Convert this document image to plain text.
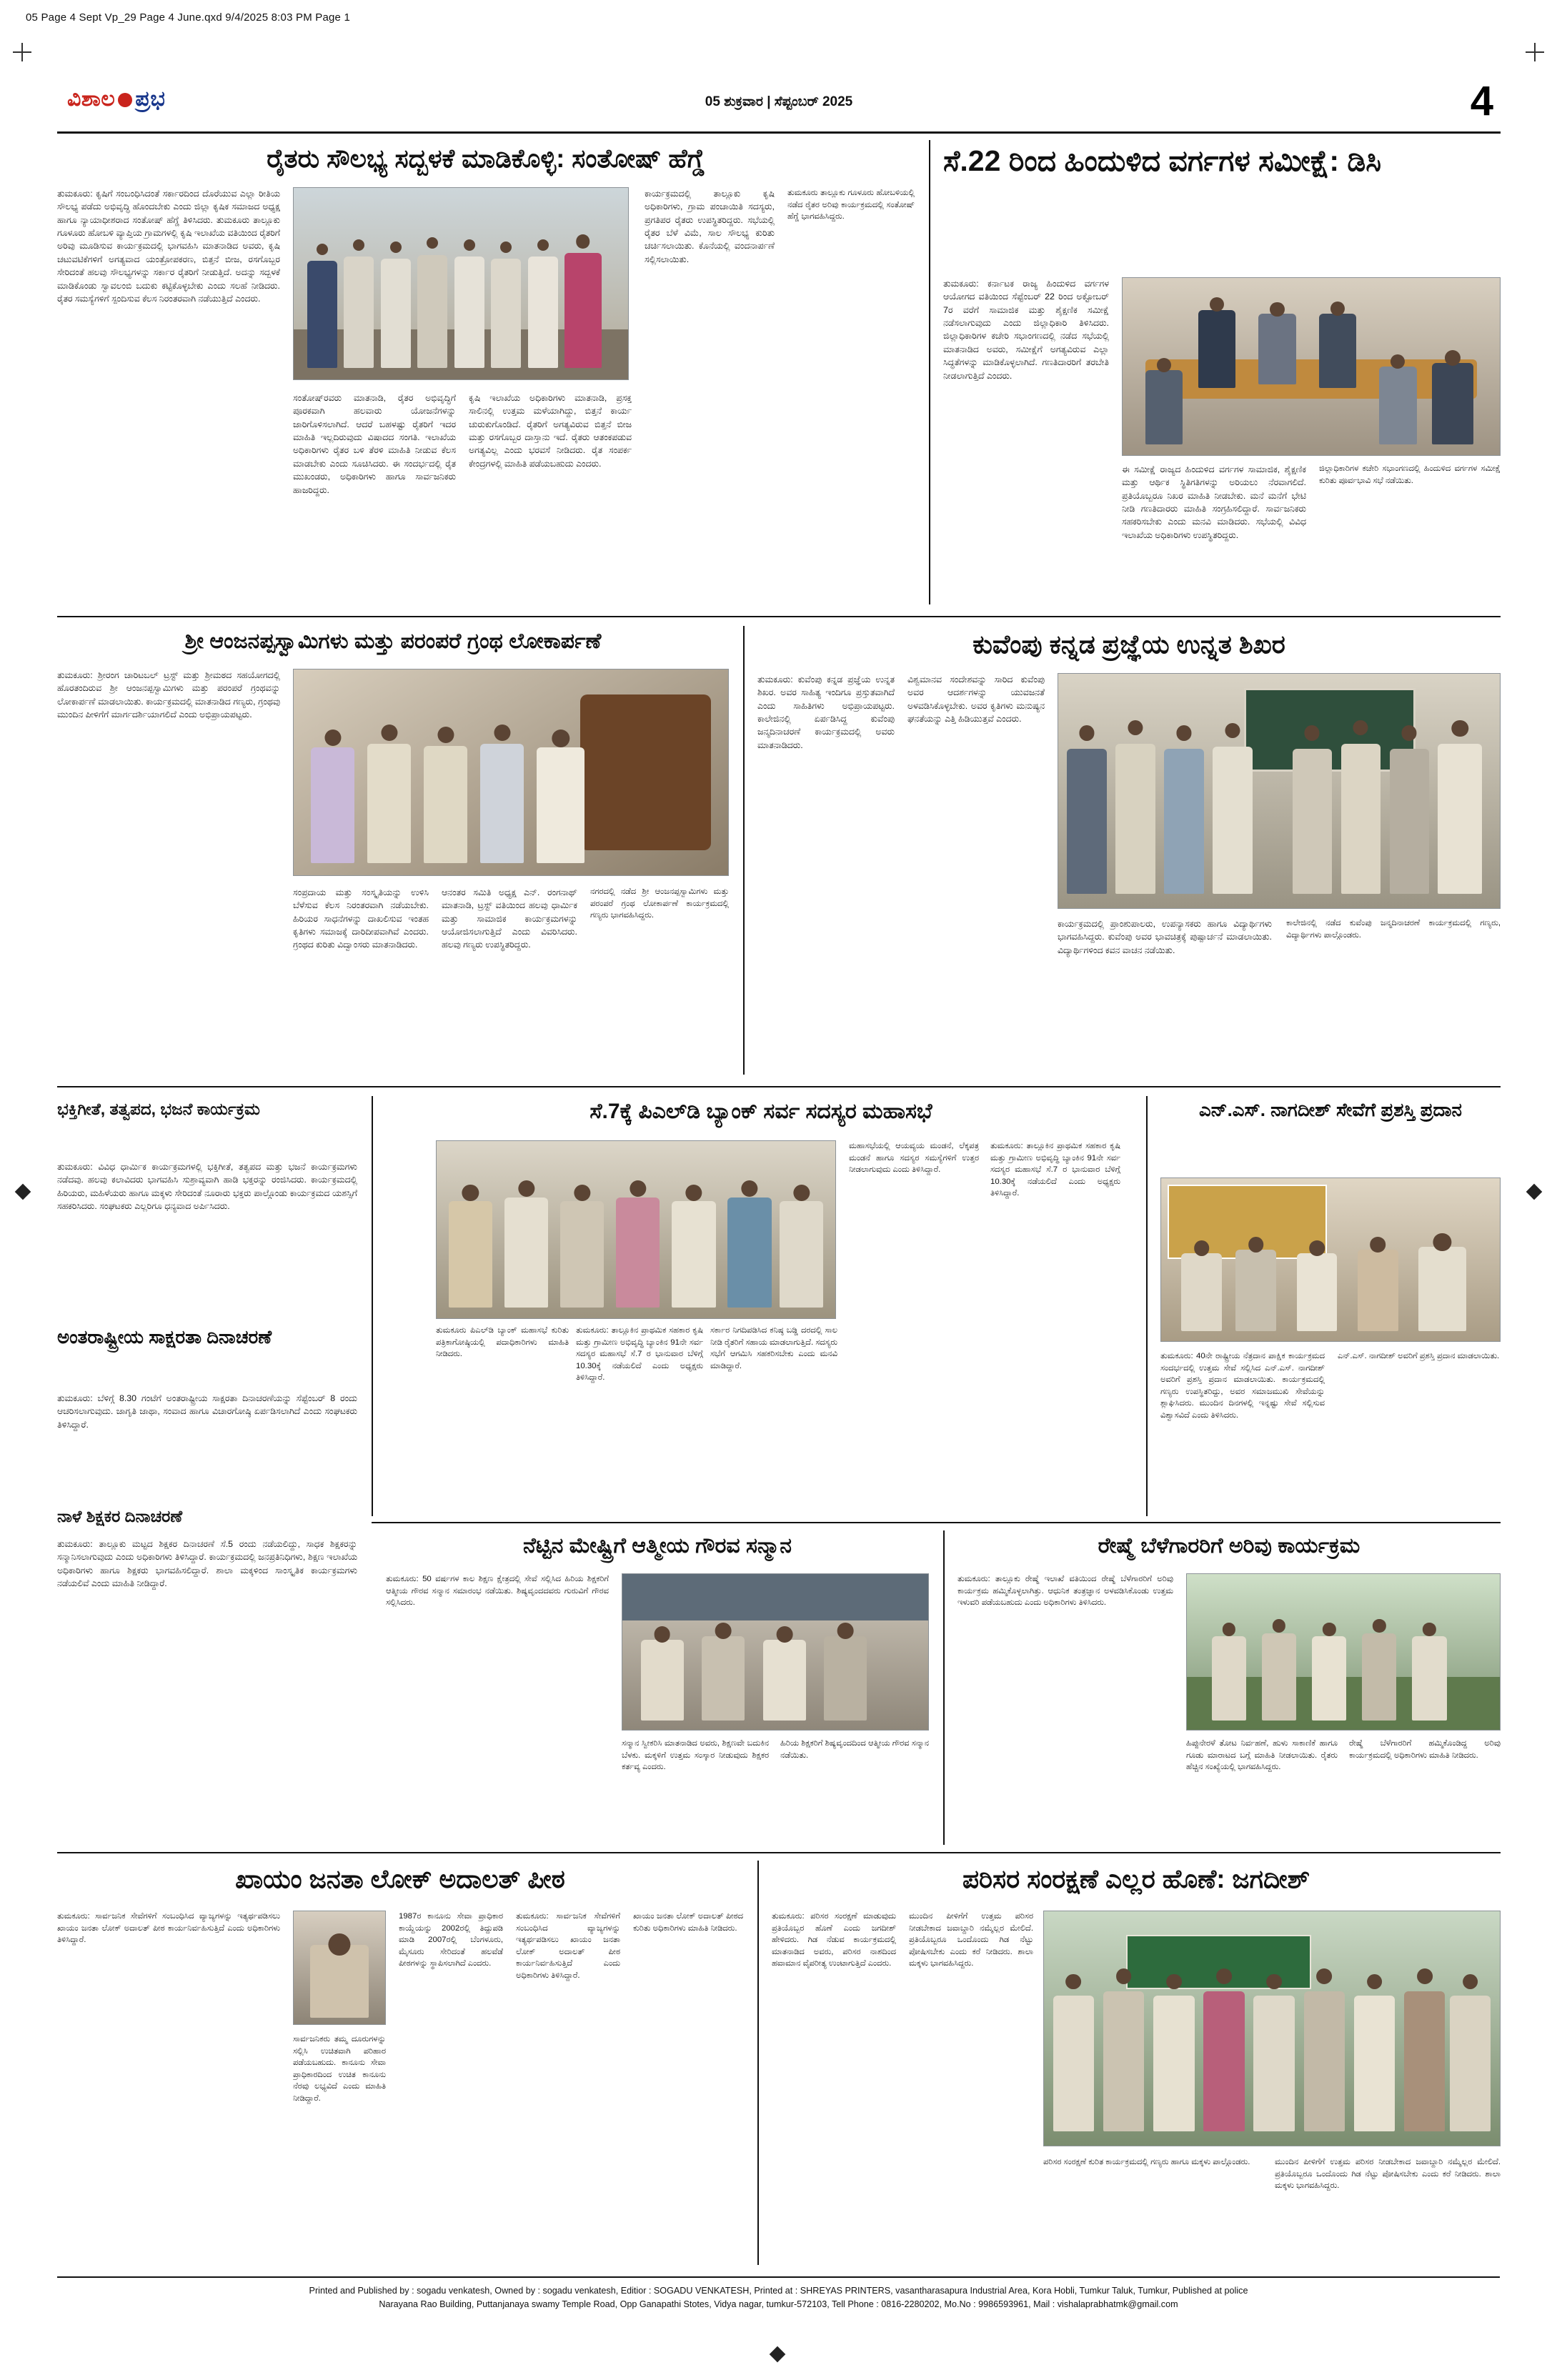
05 Page 4 Sept Vp_29 Page 4 June.qxd 9/4/2025 8:03 PM Page 1
ವಿಶಾಲ ಪ್ರಭ	05 ಶುಕ್ರವಾರ | ಸೆಪ್ಟಂಬರ್ 2025	4
ರೈತರು ಸೌಲಭ್ಯ ಸದ್ಬಳಕೆ ಮಾಡಿಕೊಳ್ಳಿ: ಸಂತೋಷ್ ಹೆಗ್ಡೆ
ತುಮಕೂರು: ಕೃಷಿಗೆ ಸಂಬಂಧಿಸಿದಂತೆ ಸರ್ಕಾರದಿಂದ ದೊರೆಯುವ ಎಲ್ಲಾ ರೀತಿಯ ಸೌಲಭ್ಯ ಪಡೆದು ಅಭಿವೃದ್ಧಿ ಹೊಂದಬೇಕು ಎಂದು ಜಿಲ್ಲಾ ಕೃಷಿಕ ಸಮಾಜದ ಅಧ್ಯಕ್ಷ ಹಾಗೂ ನ್ಯಾಯಾಧೀಶರಾದ ಸಂತೋಷ್ ಹೆಗ್ಡೆ ತಿಳಿಸಿದರು. ತುಮಕೂರು ತಾಲ್ಲೂಕು ಗೂಳೂರು ಹೋಬಳಿ ವ್ಯಾಪ್ತಿಯ ಗ್ರಾಮಗಳಲ್ಲಿ ಕೃಷಿ ಇಲಾಖೆಯ ವತಿಯಿಂದ ರೈತರಿಗೆ ಅರಿವು ಮೂಡಿಸುವ ಕಾರ್ಯಕ್ರಮದಲ್ಲಿ ಭಾಗವಹಿಸಿ ಮಾತನಾಡಿದ ಅವರು, ಕೃಷಿ ಚಟುವಟಿಕೆಗಳಿಗೆ ಅಗತ್ಯವಾದ ಯಂತ್ರೋಪಕರಣ, ಬಿತ್ತನೆ ಬೀಜ, ರಸಗೊಬ್ಬರ ಸೇರಿದಂತೆ ಹಲವು ಸೌಲಭ್ಯಗಳನ್ನು ಸರ್ಕಾರ ರೈತರಿಗೆ ನೀಡುತ್ತಿದೆ. ಅದನ್ನು ಸದ್ಬಳಕೆ ಮಾಡಿಕೊಂಡು ಸ್ವಾವಲಂಬಿ ಬದುಕು ಕಟ್ಟಿಕೊಳ್ಳಬೇಕು ಎಂದು ಸಲಹೆ ನೀಡಿದರು. ರೈತರ ಸಮಸ್ಯೆಗಳಿಗೆ ಸ್ಪಂದಿಸುವ ಕೆಲಸ ನಿರಂತರವಾಗಿ ನಡೆಯುತ್ತಿದೆ ಎಂದರು.
ಸಂತೋಷ್‌ರವರು ಮಾತನಾಡಿ, ರೈತರ ಅಭಿವೃದ್ಧಿಗೆ ಪೂರಕವಾಗಿ ಹಲವಾರು ಯೋಜನೆಗಳನ್ನು ಜಾರಿಗೊಳಿಸಲಾಗಿದೆ. ಆದರೆ ಬಹಳಷ್ಟು ರೈತರಿಗೆ ಇದರ ಮಾಹಿತಿ ಇಲ್ಲದಿರುವುದು ವಿಷಾದದ ಸಂಗತಿ. ಇಲಾಖೆಯ ಅಧಿಕಾರಿಗಳು ರೈತರ ಬಳಿ ತೆರಳಿ ಮಾಹಿತಿ ನೀಡುವ ಕೆಲಸ ಮಾಡಬೇಕು ಎಂದು ಸೂಚಿಸಿದರು. ಈ ಸಂದರ್ಭದಲ್ಲಿ ರೈತ ಮುಖಂಡರು, ಅಧಿಕಾರಿಗಳು ಹಾಗೂ ಸಾರ್ವಜನಿಕರು ಹಾಜರಿದ್ದರು.
ಕೃಷಿ ಇಲಾಖೆಯ ಅಧಿಕಾರಿಗಳು ಮಾತನಾಡಿ, ಪ್ರಸಕ್ತ ಸಾಲಿನಲ್ಲಿ ಉತ್ತಮ ಮಳೆಯಾಗಿದ್ದು, ಬಿತ್ತನೆ ಕಾರ್ಯ ಚುರುಕುಗೊಂಡಿದೆ. ರೈತರಿಗೆ ಅಗತ್ಯವಿರುವ ಬಿತ್ತನೆ ಬೀಜ ಮತ್ತು ರಸಗೊಬ್ಬರ ದಾಸ್ತಾನು ಇದೆ. ರೈತರು ಆತಂಕಪಡುವ ಅಗತ್ಯವಿಲ್ಲ ಎಂದು ಭರವಸೆ ನೀಡಿದರು. ರೈತ ಸಂಪರ್ಕ ಕೇಂದ್ರಗಳಲ್ಲಿ ಮಾಹಿತಿ ಪಡೆಯಬಹುದು ಎಂದರು.
ಕಾರ್ಯಕ್ರಮದಲ್ಲಿ ತಾಲ್ಲೂಕು ಕೃಷಿ ಅಧಿಕಾರಿಗಳು, ಗ್ರಾಮ ಪಂಚಾಯಿತಿ ಸದಸ್ಯರು, ಪ್ರಗತಿಪರ ರೈತರು ಉಪಸ್ಥಿತರಿದ್ದರು. ಸಭೆಯಲ್ಲಿ ರೈತರ ಬೆಳೆ ವಿಮೆ, ಸಾಲ ಸೌಲಭ್ಯ ಕುರಿತು ಚರ್ಚಿಸಲಾಯಿತು. ಕೊನೆಯಲ್ಲಿ ವಂದನಾರ್ಪಣೆ ಸಲ್ಲಿಸಲಾಯಿತು.
ತುಮಕೂರು ತಾಲ್ಲೂಕು ಗೂಳೂರು ಹೋಬಳಿಯಲ್ಲಿ ನಡೆದ ರೈತರ ಅರಿವು ಕಾರ್ಯಕ್ರಮದಲ್ಲಿ ಸಂತೋಷ್ ಹೆಗ್ಡೆ ಭಾಗವಹಿಸಿದ್ದರು.
ಸೆ.22 ರಿಂದ ಹಿಂದುಳಿದ ವರ್ಗಗಳ ಸಮೀಕ್ಷೆ: ಡಿಸಿ
ತುಮಕೂರು: ಕರ್ನಾಟಕ ರಾಜ್ಯ ಹಿಂದುಳಿದ ವರ್ಗಗಳ ಆಯೋಗದ ವತಿಯಿಂದ ಸೆಪ್ಟೆಂಬರ್ 22 ರಿಂದ ಅಕ್ಟೋಬರ್ 7ರ ವರೆಗೆ ಸಾಮಾಜಿಕ ಮತ್ತು ಶೈಕ್ಷಣಿಕ ಸಮೀಕ್ಷೆ ನಡೆಸಲಾಗುವುದು ಎಂದು ಜಿಲ್ಲಾಧಿಕಾರಿ ತಿಳಿಸಿದರು. ಜಿಲ್ಲಾಧಿಕಾರಿಗಳ ಕಚೇರಿ ಸಭಾಂಗಣದಲ್ಲಿ ನಡೆದ ಸಭೆಯಲ್ಲಿ ಮಾತನಾಡಿದ ಅವರು, ಸಮೀಕ್ಷೆಗೆ ಅಗತ್ಯವಿರುವ ಎಲ್ಲಾ ಸಿದ್ಧತೆಗಳನ್ನು ಮಾಡಿಕೊಳ್ಳಲಾಗಿದೆ. ಗಣತಿದಾರರಿಗೆ ತರಬೇತಿ ನೀಡಲಾಗುತ್ತಿದೆ ಎಂದರು.
ಈ ಸಮೀಕ್ಷೆ ರಾಜ್ಯದ ಹಿಂದುಳಿದ ವರ್ಗಗಳ ಸಾಮಾಜಿಕ, ಶೈಕ್ಷಣಿಕ ಮತ್ತು ಆರ್ಥಿಕ ಸ್ಥಿತಿಗತಿಗಳನ್ನು ಅರಿಯಲು ನೆರವಾಗಲಿದೆ. ಪ್ರತಿಯೊಬ್ಬರೂ ನಿಖರ ಮಾಹಿತಿ ನೀಡಬೇಕು. ಮನೆ ಮನೆಗೆ ಭೇಟಿ ನೀಡಿ ಗಣತಿದಾರರು ಮಾಹಿತಿ ಸಂಗ್ರಹಿಸಲಿದ್ದಾರೆ. ಸಾರ್ವಜನಿಕರು ಸಹಕರಿಸಬೇಕು ಎಂದು ಮನವಿ ಮಾಡಿದರು. ಸಭೆಯಲ್ಲಿ ವಿವಿಧ ಇಲಾಖೆಯ ಅಧಿಕಾರಿಗಳು ಉಪಸ್ಥಿತರಿದ್ದರು.
ಜಿಲ್ಲಾಧಿಕಾರಿಗಳ ಕಚೇರಿ ಸಭಾಂಗಣದಲ್ಲಿ ಹಿಂದುಳಿದ ವರ್ಗಗಳ ಸಮೀಕ್ಷೆ ಕುರಿತು ಪೂರ್ವಭಾವಿ ಸಭೆ ನಡೆಯಿತು.
ಶ್ರೀ ಆಂಜನಪ್ಪಸ್ವಾಮಿಗಳು ಮತ್ತು ಪರಂಪರೆ ಗ್ರಂಥ ಲೋಕಾರ್ಪಣೆ
ತುಮಕೂರು: ಶ್ರೀರಂಗ ಚಾರಿಟಬಲ್ ಟ್ರಸ್ಟ್ ಮತ್ತು ಶ್ರೀಮಠದ ಸಹಯೋಗದಲ್ಲಿ ಹೊರತಂದಿರುವ ಶ್ರೀ ಆಂಜನಪ್ಪಸ್ವಾಮಿಗಳು ಮತ್ತು ಪರಂಪರೆ ಗ್ರಂಥವನ್ನು ಲೋಕಾರ್ಪಣೆ ಮಾಡಲಾಯಿತು. ಕಾರ್ಯಕ್ರಮದಲ್ಲಿ ಮಾತನಾಡಿದ ಗಣ್ಯರು, ಗ್ರಂಥವು ಮುಂದಿನ ಪೀಳಿಗೆಗೆ ಮಾರ್ಗದರ್ಶಿಯಾಗಲಿದೆ ಎಂದು ಅಭಿಪ್ರಾಯಪಟ್ಟರು.
ಸಂಪ್ರದಾಯ ಮತ್ತು ಸಂಸ್ಕೃತಿಯನ್ನು ಉಳಿಸಿ ಬೆಳೆಸುವ ಕೆಲಸ ನಿರಂತರವಾಗಿ ನಡೆಯಬೇಕು. ಹಿರಿಯರ ಸಾಧನೆಗಳನ್ನು ದಾಖಲಿಸುವ ಇಂತಹ ಕೃತಿಗಳು ಸಮಾಜಕ್ಕೆ ದಾರಿದೀಪವಾಗಿವೆ ಎಂದರು. ಗ್ರಂಥದ ಕುರಿತು ವಿದ್ವಾಂಸರು ಮಾತನಾಡಿದರು.
ಆನಂತರ ಸಮಿತಿ ಅಧ್ಯಕ್ಷ ಎನ್. ರಂಗನಾಥ್ ಮಾತನಾಡಿ, ಟ್ರಸ್ಟ್ ವತಿಯಿಂದ ಹಲವು ಧಾರ್ಮಿಕ ಮತ್ತು ಸಾಮಾಜಿಕ ಕಾರ್ಯಕ್ರಮಗಳನ್ನು ಆಯೋಜಿಸಲಾಗುತ್ತಿದೆ ಎಂದು ವಿವರಿಸಿದರು. ಹಲವು ಗಣ್ಯರು ಉಪಸ್ಥಿತರಿದ್ದರು.
ನಗರದಲ್ಲಿ ನಡೆದ ಶ್ರೀ ಆಂಜನಪ್ಪಸ್ವಾಮಿಗಳು ಮತ್ತು ಪರಂಪರೆ ಗ್ರಂಥ ಲೋಕಾರ್ಪಣೆ ಕಾರ್ಯಕ್ರಮದಲ್ಲಿ ಗಣ್ಯರು ಭಾಗವಹಿಸಿದ್ದರು.
ಕುವೆಂಪು ಕನ್ನಡ ಪ್ರಜ್ಞೆಯ ಉನ್ನತ ಶಿಖರ
ತುಮಕೂರು: ಕುವೆಂಪು ಕನ್ನಡ ಪ್ರಜ್ಞೆಯ ಉನ್ನತ ಶಿಖರ. ಅವರ ಸಾಹಿತ್ಯ ಇಂದಿಗೂ ಪ್ರಸ್ತುತವಾಗಿದೆ ಎಂದು ಸಾಹಿತಿಗಳು ಅಭಿಪ್ರಾಯಪಟ್ಟರು. ಕಾಲೇಜಿನಲ್ಲಿ ಏರ್ಪಡಿಸಿದ್ದ ಕುವೆಂಪು ಜನ್ಮದಿನಾಚರಣೆ ಕಾರ್ಯಕ್ರಮದಲ್ಲಿ ಅವರು ಮಾತನಾಡಿದರು.
ವಿಶ್ವಮಾನವ ಸಂದೇಶವನ್ನು ಸಾರಿದ ಕುವೆಂಪು ಅವರ ಆದರ್ಶಗಳನ್ನು ಯುವಜನತೆ ಅಳವಡಿಸಿಕೊಳ್ಳಬೇಕು. ಅವರ ಕೃತಿಗಳು ಮನುಷ್ಯನ ಘನತೆಯನ್ನು ಎತ್ತಿ ಹಿಡಿಯುತ್ತವೆ ಎಂದರು.
ಕಾರ್ಯಕ್ರಮದಲ್ಲಿ ಪ್ರಾಂಶುಪಾಲರು, ಉಪನ್ಯಾಸಕರು ಹಾಗೂ ವಿದ್ಯಾರ್ಥಿಗಳು ಭಾಗವಹಿಸಿದ್ದರು. ಕುವೆಂಪು ಅವರ ಭಾವಚಿತ್ರಕ್ಕೆ ಪುಷ್ಪಾರ್ಚನೆ ಮಾಡಲಾಯಿತು. ವಿದ್ಯಾರ್ಥಿಗಳಿಂದ ಕವನ ವಾಚನ ನಡೆಯಿತು.
ಕಾಲೇಜಿನಲ್ಲಿ ನಡೆದ ಕುವೆಂಪು ಜನ್ಮದಿನಾಚರಣೆ ಕಾರ್ಯಕ್ರಮದಲ್ಲಿ ಗಣ್ಯರು, ವಿದ್ಯಾರ್ಥಿಗಳು ಪಾಲ್ಗೊಂಡರು.
ಭಕ್ತಿಗೀತೆ, ತತ್ವಪದ, ಭಜನೆ ಕಾರ್ಯಕ್ರಮ
ತುಮಕೂರು: ವಿವಿಧ ಧಾರ್ಮಿಕ ಕಾರ್ಯಕ್ರಮಗಳಲ್ಲಿ ಭಕ್ತಿಗೀತೆ, ತತ್ವಪದ ಮತ್ತು ಭಜನೆ ಕಾರ್ಯಕ್ರಮಗಳು ನಡೆದವು. ಹಲವು ಕಲಾವಿದರು ಭಾಗವಹಿಸಿ ಸುಶ್ರಾವ್ಯವಾಗಿ ಹಾಡಿ ಭಕ್ತರನ್ನು ರಂಜಿಸಿದರು. ಕಾರ್ಯಕ್ರಮದಲ್ಲಿ ಹಿರಿಯರು, ಮಹಿಳೆಯರು ಹಾಗೂ ಮಕ್ಕಳು ಸೇರಿದಂತೆ ನೂರಾರು ಭಕ್ತರು ಪಾಲ್ಗೊಂಡು ಕಾರ್ಯಕ್ರಮದ ಯಶಸ್ಸಿಗೆ ಸಹಕರಿಸಿದರು. ಸಂಘಟಕರು ಎಲ್ಲರಿಗೂ ಧನ್ಯವಾದ ಅರ್ಪಿಸಿದರು.
ಅಂತರಾಷ್ಟ್ರೀಯ ಸಾಕ್ಷರತಾ ದಿನಾಚರಣೆ
ತುಮಕೂರು: ಬೆಳಿಗ್ಗೆ 8.30 ಗಂಟೆಗೆ ಅಂತರಾಷ್ಟ್ರೀಯ ಸಾಕ್ಷರತಾ ದಿನಾಚರಣೆಯನ್ನು ಸೆಪ್ಟೆಂಬರ್ 8 ರಂದು ಆಚರಿಸಲಾಗುವುದು. ಜಾಗೃತಿ ಜಾಥಾ, ಸಂವಾದ ಹಾಗೂ ವಿಚಾರಗೋಷ್ಠಿ ಏರ್ಪಡಿಸಲಾಗಿದೆ ಎಂದು ಸಂಘಟಕರು ತಿಳಿಸಿದ್ದಾರೆ.
ನಾಳೆ ಶಿಕ್ಷಕರ ದಿನಾಚರಣೆ
ತುಮಕೂರು: ತಾಲ್ಲೂಕು ಮಟ್ಟದ ಶಿಕ್ಷಕರ ದಿನಾಚರಣೆ ಸೆ.5 ರಂದು ನಡೆಯಲಿದ್ದು, ಸಾಧಕ ಶಿಕ್ಷಕರನ್ನು ಸನ್ಮಾನಿಸಲಾಗುವುದು ಎಂದು ಅಧಿಕಾರಿಗಳು ತಿಳಿಸಿದ್ದಾರೆ. ಕಾರ್ಯಕ್ರಮದಲ್ಲಿ ಜನಪ್ರತಿನಿಧಿಗಳು, ಶಿಕ್ಷಣ ಇಲಾಖೆಯ ಅಧಿಕಾರಿಗಳು ಹಾಗೂ ಶಿಕ್ಷಕರು ಭಾಗವಹಿಸಲಿದ್ದಾರೆ. ಶಾಲಾ ಮಕ್ಕಳಿಂದ ಸಾಂಸ್ಕೃತಿಕ ಕಾರ್ಯಕ್ರಮಗಳು ನಡೆಯಲಿವೆ ಎಂದು ಮಾಹಿತಿ ನೀಡಿದ್ದಾರೆ.
ಸೆ.7ಕ್ಕೆ ಪಿಎಲ್‌ಡಿ ಬ್ಯಾಂಕ್ ಸರ್ವ ಸದಸ್ಯರ ಮಹಾಸಭೆ
ತುಮಕೂರು ಪಿಎಲ್‌ಡಿ ಬ್ಯಾಂಕ್ ಮಹಾಸಭೆ ಕುರಿತು ಪತ್ರಿಕಾಗೋಷ್ಠಿಯಲ್ಲಿ ಪದಾಧಿಕಾರಿಗಳು ಮಾಹಿತಿ ನೀಡಿದರು.
ತುಮಕೂರು: ತಾಲ್ಲೂಕಿನ ಪ್ರಾಥಮಿಕ ಸಹಕಾರ ಕೃಷಿ ಮತ್ತು ಗ್ರಾಮೀಣ ಅಭಿವೃದ್ಧಿ ಬ್ಯಾಂಕಿನ 91ನೇ ಸರ್ವ ಸದಸ್ಯರ ಮಹಾಸಭೆ ಸೆ.7 ರ ಭಾನುವಾರ ಬೆಳಿಗ್ಗೆ 10.30ಕ್ಕೆ ನಡೆಯಲಿದೆ ಎಂದು ಅಧ್ಯಕ್ಷರು ತಿಳಿಸಿದ್ದಾರೆ.
ಸರ್ಕಾರ ನಿಗದಿಪಡಿಸಿದ ಕನಿಷ್ಠ ಬಡ್ಡಿ ದರದಲ್ಲಿ ಸಾಲ ನೀಡಿ ರೈತರಿಗೆ ಸಹಾಯ ಮಾಡಲಾಗುತ್ತಿದೆ. ಸದಸ್ಯರು ಸಭೆಗೆ ಆಗಮಿಸಿ ಸಹಕರಿಸಬೇಕು ಎಂದು ಮನವಿ ಮಾಡಿದ್ದಾರೆ.
ಮಹಾಸಭೆಯಲ್ಲಿ ಆಯವ್ಯಯ ಮಂಡನೆ, ಲೆಕ್ಕಪತ್ರ ಮಂಡನೆ ಹಾಗೂ ಸದಸ್ಯರ ಸಮಸ್ಯೆಗಳಿಗೆ ಉತ್ತರ ನೀಡಲಾಗುವುದು ಎಂದು ತಿಳಿಸಿದ್ದಾರೆ.
ತುಮಕೂರು: ತಾಲ್ಲೂಕಿನ ಪ್ರಾಥಮಿಕ ಸಹಕಾರ ಕೃಷಿ ಮತ್ತು ಗ್ರಾಮೀಣ ಅಭಿವೃದ್ಧಿ ಬ್ಯಾಂಕಿನ 91ನೇ ಸರ್ವ ಸದಸ್ಯರ ಮಹಾಸಭೆ ಸೆ.7 ರ ಭಾನುವಾರ ಬೆಳಿಗ್ಗೆ 10.30ಕ್ಕೆ ನಡೆಯಲಿದೆ ಎಂದು ಅಧ್ಯಕ್ಷರು ತಿಳಿಸಿದ್ದಾರೆ.
ಎನ್.ಎಸ್. ನಾಗದೀಶ್ ಸೇವೆಗೆ ಪ್ರಶಸ್ತಿ ಪ್ರದಾನ
ತುಮಕೂರು: 40ನೇ ರಾಷ್ಟ್ರೀಯ ನೆತ್ರದಾನ ಪಾಕ್ಷಿಕ ಕಾರ್ಯಕ್ರಮದ ಸಂದರ್ಭದಲ್ಲಿ ಉತ್ತಮ ಸೇವೆ ಸಲ್ಲಿಸಿದ ಎನ್.ಎಸ್. ನಾಗದೀಶ್ ಅವರಿಗೆ ಪ್ರಶಸ್ತಿ ಪ್ರದಾನ ಮಾಡಲಾಯಿತು. ಕಾರ್ಯಕ್ರಮದಲ್ಲಿ ಗಣ್ಯರು ಉಪಸ್ಥಿತರಿದ್ದು, ಅವರ ಸಮಾಜಮುಖಿ ಸೇವೆಯನ್ನು ಶ್ಲಾಘಿಸಿದರು. ಮುಂದಿನ ದಿನಗಳಲ್ಲಿ ಇನ್ನಷ್ಟು ಸೇವೆ ಸಲ್ಲಿಸುವ ವಿಶ್ವಾಸವಿದೆ ಎಂದು ತಿಳಿಸಿದರು.
ಎನ್.ಎಸ್. ನಾಗದೀಶ್ ಅವರಿಗೆ ಪ್ರಶಸ್ತಿ ಪ್ರದಾನ ಮಾಡಲಾಯಿತು.
ನೆಟ್ಟಿನ ಮೇಷ್ಟ್ರಿಗೆ ಆತ್ಮೀಯ ಗೌರವ ಸನ್ಮಾನ
ತುಮಕೂರು: 50 ವರ್ಷಗಳ ಕಾಲ ಶಿಕ್ಷಣ ಕ್ಷೇತ್ರದಲ್ಲಿ ಸೇವೆ ಸಲ್ಲಿಸಿದ ಹಿರಿಯ ಶಿಕ್ಷಕರಿಗೆ ಆತ್ಮೀಯ ಗೌರವ ಸನ್ಮಾನ ಸಮಾರಂಭ ನಡೆಯಿತು. ಶಿಷ್ಯವೃಂದದವರು ಗುರುವಿಗೆ ಗೌರವ ಸಲ್ಲಿಸಿದರು.
ಸನ್ಮಾನ ಸ್ವೀಕರಿಸಿ ಮಾತನಾಡಿದ ಅವರು, ಶಿಕ್ಷಣವೇ ಬದುಕಿನ ಬೆಳಕು. ಮಕ್ಕಳಿಗೆ ಉತ್ತಮ ಸಂಸ್ಕಾರ ನೀಡುವುದು ಶಿಕ್ಷಕರ ಕರ್ತವ್ಯ ಎಂದರು.
ಹಿರಿಯ ಶಿಕ್ಷಕರಿಗೆ ಶಿಷ್ಯವೃಂದದಿಂದ ಆತ್ಮೀಯ ಗೌರವ ಸನ್ಮಾನ ನಡೆಯಿತು.
ರೇಷ್ಮೆ ಬೆಳೆಗಾರರಿಗೆ ಅರಿವು ಕಾರ್ಯಕ್ರಮ
ತುಮಕೂರು: ತಾಲ್ಲೂಕು ರೇಷ್ಮೆ ಇಲಾಖೆ ವತಿಯಿಂದ ರೇಷ್ಮೆ ಬೆಳೆಗಾರರಿಗೆ ಅರಿವು ಕಾರ್ಯಕ್ರಮ ಹಮ್ಮಿಕೊಳ್ಳಲಾಗಿತ್ತು. ಆಧುನಿಕ ತಂತ್ರಜ್ಞಾನ ಅಳವಡಿಸಿಕೊಂಡು ಉತ್ತಮ ಇಳುವರಿ ಪಡೆಯಬಹುದು ಎಂದು ಅಧಿಕಾರಿಗಳು ತಿಳಿಸಿದರು.
ಹಿಪ್ಪುನೇರಳೆ ತೋಟ ನಿರ್ವಹಣೆ, ಹುಳು ಸಾಕಾಣಿಕೆ ಹಾಗೂ ಗೂಡು ಮಾರಾಟದ ಬಗ್ಗೆ ಮಾಹಿತಿ ನೀಡಲಾಯಿತು. ರೈತರು ಹೆಚ್ಚಿನ ಸಂಖ್ಯೆಯಲ್ಲಿ ಭಾಗವಹಿಸಿದ್ದರು.
ರೇಷ್ಮೆ ಬೆಳೆಗಾರರಿಗೆ ಹಮ್ಮಿಕೊಂಡಿದ್ದ ಅರಿವು ಕಾರ್ಯಕ್ರಮದಲ್ಲಿ ಅಧಿಕಾರಿಗಳು ಮಾಹಿತಿ ನೀಡಿದರು.
ಖಾಯಂ ಜನತಾ ಲೋಕ್ ಅದಾಲತ್ ಪೀಠ
ತುಮಕೂರು: ಸಾರ್ವಜನಿಕ ಸೇವೆಗಳಿಗೆ ಸಂಬಂಧಿಸಿದ ವ್ಯಾಜ್ಯಗಳನ್ನು ಇತ್ಯರ್ಥಪಡಿಸಲು ಖಾಯಂ ಜನತಾ ಲೋಕ್ ಅದಾಲತ್ ಪೀಠ ಕಾರ್ಯನಿರ್ವಹಿಸುತ್ತಿದೆ ಎಂದು ಅಧಿಕಾರಿಗಳು ತಿಳಿಸಿದ್ದಾರೆ.
ಸಾರ್ವಜನಿಕರು ತಮ್ಮ ದೂರುಗಳನ್ನು ಸಲ್ಲಿಸಿ ಉಚಿತವಾಗಿ ಪರಿಹಾರ ಪಡೆಯಬಹುದು. ಕಾನೂನು ಸೇವಾ ಪ್ರಾಧಿಕಾರದಿಂದ ಉಚಿತ ಕಾನೂನು ನೆರವು ಲಭ್ಯವಿದೆ ಎಂದು ಮಾಹಿತಿ ನೀಡಿದ್ದಾರೆ.
1987ರ ಕಾನೂನು ಸೇವಾ ಪ್ರಾಧಿಕಾರ ಕಾಯ್ದೆಯನ್ನು 2002ರಲ್ಲಿ ತಿದ್ದುಪಡಿ ಮಾಡಿ 2007ರಲ್ಲಿ ಬೆಂಗಳೂರು, ಮೈಸೂರು ಸೇರಿದಂತೆ ಹಲವೆಡೆ ಪೀಠಗಳನ್ನು ಸ್ಥಾಪಿಸಲಾಗಿದೆ ಎಂದರು.
ತುಮಕೂರು: ಸಾರ್ವಜನಿಕ ಸೇವೆಗಳಿಗೆ ಸಂಬಂಧಿಸಿದ ವ್ಯಾಜ್ಯಗಳನ್ನು ಇತ್ಯರ್ಥಪಡಿಸಲು ಖಾಯಂ ಜನತಾ ಲೋಕ್ ಅದಾಲತ್ ಪೀಠ ಕಾರ್ಯನಿರ್ವಹಿಸುತ್ತಿದೆ ಎಂದು ಅಧಿಕಾರಿಗಳು ತಿಳಿಸಿದ್ದಾರೆ.
ಖಾಯಂ ಜನತಾ ಲೋಕ್ ಅದಾಲತ್ ಪೀಠದ ಕುರಿತು ಅಧಿಕಾರಿಗಳು ಮಾಹಿತಿ ನೀಡಿದರು.
ಪರಿಸರ ಸಂರಕ್ಷಣೆ ಎಲ್ಲರ ಹೊಣೆ: ಜಗದೀಶ್
ತುಮಕೂರು: ಪರಿಸರ ಸಂರಕ್ಷಣೆ ಮಾಡುವುದು ಪ್ರತಿಯೊಬ್ಬರ ಹೊಣೆ ಎಂದು ಜಗದೀಶ್ ಹೇಳಿದರು. ಗಿಡ ನೆಡುವ ಕಾರ್ಯಕ್ರಮದಲ್ಲಿ ಮಾತನಾಡಿದ ಅವರು, ಪರಿಸರ ನಾಶದಿಂದ ಹವಾಮಾನ ವೈಪರೀತ್ಯ ಉಂಟಾಗುತ್ತಿದೆ ಎಂದರು.
ಮುಂದಿನ ಪೀಳಿಗೆಗೆ ಉತ್ತಮ ಪರಿಸರ ನೀಡಬೇಕಾದ ಜವಾಬ್ದಾರಿ ನಮ್ಮೆಲ್ಲರ ಮೇಲಿದೆ. ಪ್ರತಿಯೊಬ್ಬರೂ ಒಂದೊಂದು ಗಿಡ ನೆಟ್ಟು ಪೋಷಿಸಬೇಕು ಎಂದು ಕರೆ ನೀಡಿದರು. ಶಾಲಾ ಮಕ್ಕಳು ಭಾಗವಹಿಸಿದ್ದರು.
ಪರಿಸರ ಸಂರಕ್ಷಣೆ ಕುರಿತ ಕಾರ್ಯಕ್ರಮದಲ್ಲಿ ಗಣ್ಯರು ಹಾಗೂ ಮಕ್ಕಳು ಪಾಲ್ಗೊಂಡರು.	ಮುಂದಿನ ಪೀಳಿಗೆಗೆ ಉತ್ತಮ ಪರಿಸರ ನೀಡಬೇಕಾದ ಜವಾಬ್ದಾರಿ ನಮ್ಮೆಲ್ಲರ ಮೇಲಿದೆ. ಪ್ರತಿಯೊಬ್ಬರೂ ಒಂದೊಂದು ಗಿಡ ನೆಟ್ಟು ಪೋಷಿಸಬೇಕು ಎಂದು ಕರೆ ನೀಡಿದರು. ಶಾಲಾ ಮಕ್ಕಳು ಭಾಗವಹಿಸಿದ್ದರು.
Printed and Published by : sogadu venkatesh, Owned by : sogadu venkatesh, Editior : SOGADU VENKATESH, Printed at : SHREYAS PRINTERS, vasantharasapura Industrial Area, Kora Hobli, Tumkur Taluk, Tumkur, Published at police
Narayana Rao Building, Puttanjanaya swamy Temple Road, Opp Ganapathi Stotes, Vidya nagar, tumkur-572103, Tell Phone : 0816-2280202, Mo.No : 9986593961, Mail : vishalaprabhatmk@gmail.com
